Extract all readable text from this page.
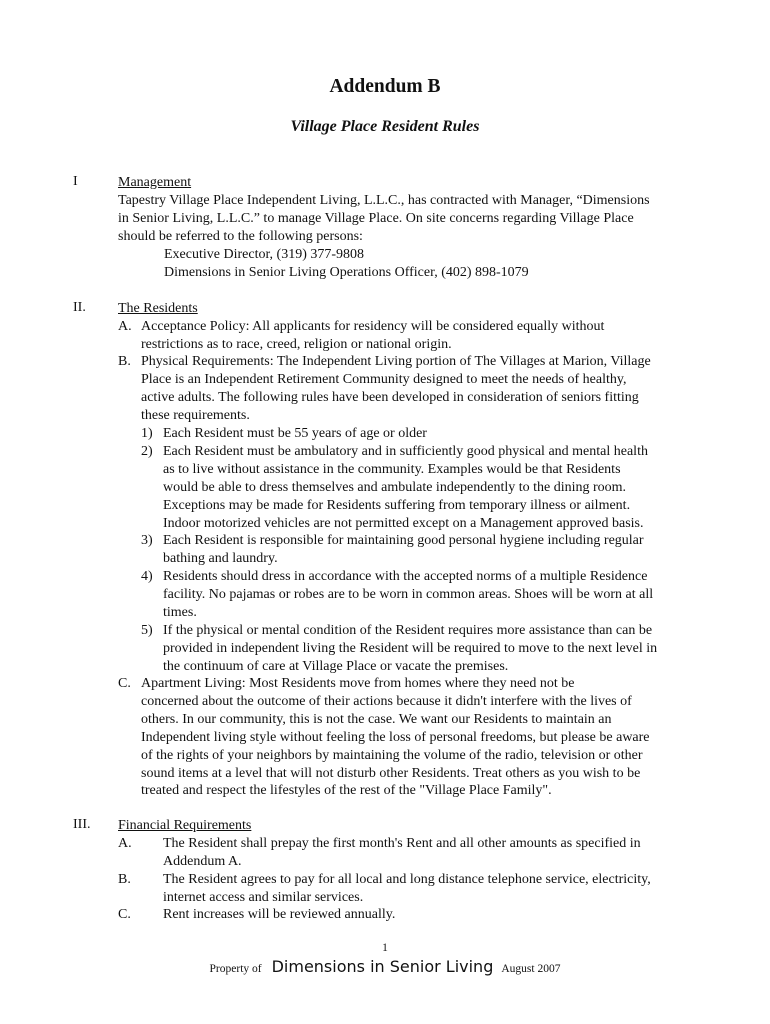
Addendum B
Village Place Resident Rules
I	Management

Tapestry Village Place Independent Living, L.L.C., has contracted with Manager, “Dimensions

in Senior Living, L.L.C.” to manage Village Place. On site concerns regarding Village Place

should be referred to the following persons:

Executive Director, (319) 377-9808

Dimensions in Senior Living Operations Officer, (402) 898-1079

II. The Residents

A. Acceptance Policy: All applicants for residency will be considered equally without

restrictions as to race, creed, religion or national origin.

B. Physical Requirements: The Independent Living portion of The Villages at Marion, Village

Place is an Independent Retirement Community designed to meet the needs of healthy,

active adults. The following rules have been developed in consideration of seniors fitting

these requirements.

1) Each Resident must be 55 years of age or older

2) Each Resident must be ambulatory and in sufficiently good physical and mental health

as to live without assistance in the community. Examples would be that Residents

would be able to dress themselves and ambulate independently to the dining room.

Exceptions may be made for Residents suffering from temporary illness or ailment.

Indoor motorized vehicles are not permitted except on a Management approved basis.

3) Each Resident is responsible for maintaining good personal hygiene including regular

bathing and laundry.

4) Residents should dress in accordance with the accepted norms of a multiple Residence

facility. No pajamas or robes are to be worn in common areas. Shoes will be worn at all

times.

5) If the physical or mental condition of the Resident requires more assistance than can be

provided in independent living the Resident will be required to move to the next level in

the continuum of care at Village Place or vacate the premises.

C. Apartment Living: Most Residents move from homes where they need not be

concerned about the outcome of their actions because it didn't interfere with the lives of

others. In our community, this is not the case. We want our Residents to maintain an

Independent living style without feeling the loss of personal freedoms, but please be aware

of the rights of your neighbors by maintaining the volume of the radio, television or other

sound items at a level that will not disturb other Residents. Treat others as you wish to be

treated and respect the lifestyles of the rest of the "Village Place Family".

III. Financial Requirements

A. The Resident shall prepay the first month's Rent and all other amounts as specified in

Addendum A.

B. The Resident agrees to pay for all local and long distance telephone service, electricity,

internet access and similar services.

C. Rent increases will be reviewed annually.

1
Property of Dimensions in Senior Living August 2007
